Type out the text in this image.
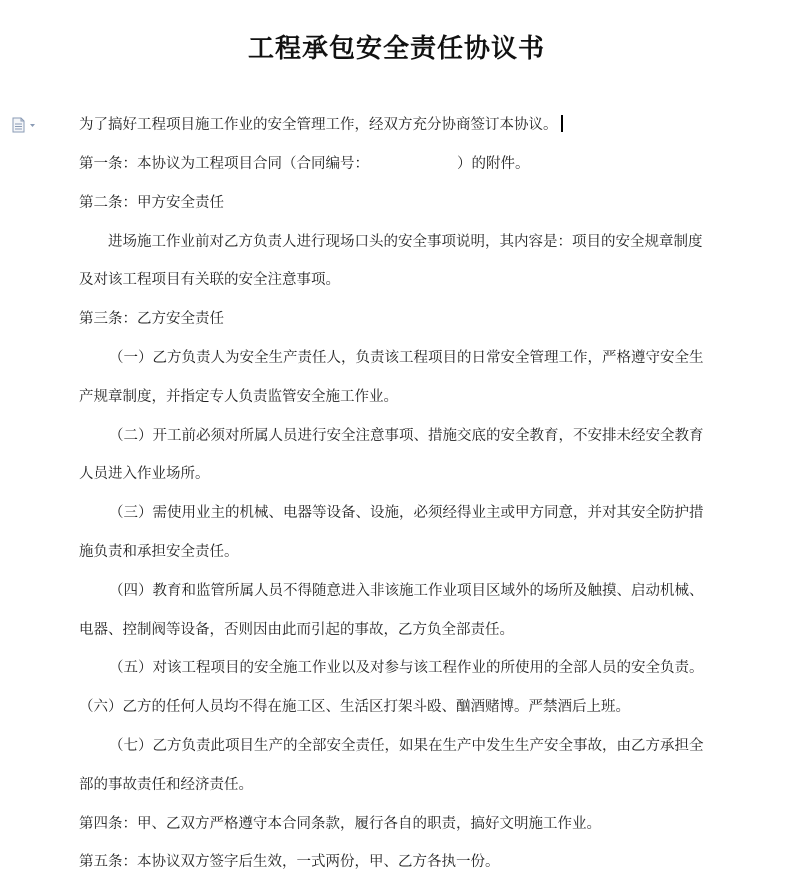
工程承包安全责任协议书
为了搞好工程项目施工作业的安全管理工作，经双方充分协商签订本协议。
第一条：本协议为工程项目合同（合同编号：	）的附件。
第二条：甲方安全责任
进场施工作业前对乙方负责人进行现场口头的安全事项说明，其内容是：项目的安全规章制度
及对该工程项目有关联的安全注意事项。
第三条：乙方安全责任
（一）乙方负责人为安全生产责任人，负责该工程项目的日常安全管理工作，严格遵守安全生
产规章制度，并指定专人负责监管安全施工作业。
（二）开工前必须对所属人员进行安全注意事项、措施交底的安全教育，不安排未经安全教育
人员进入作业场所。
（三）需使用业主的机械、电器等设备、设施，必须经得业主或甲方同意，并对其安全防护措
施负责和承担安全责任。
（四）教育和监管所属人员不得随意进入非该施工作业项目区域外的场所及触摸、启动机械、
电器、控制阀等设备，否则因由此而引起的事故，乙方负全部责任。
（五）对该工程项目的安全施工作业以及对参与该工程作业的所使用的全部人员的安全负责。
（六）乙方的任何人员均不得在施工区、生活区打架斗殴、酗酒赌博。严禁酒后上班。
（七）乙方负责此项目生产的全部安全责任，如果在生产中发生生产安全事故，由乙方承担全
部的事故责任和经济责任。
第四条：甲、乙双方严格遵守本合同条款，履行各自的职责，搞好文明施工作业。
第五条：本协议双方签字后生效，一式两份，甲、乙方各执一份。
